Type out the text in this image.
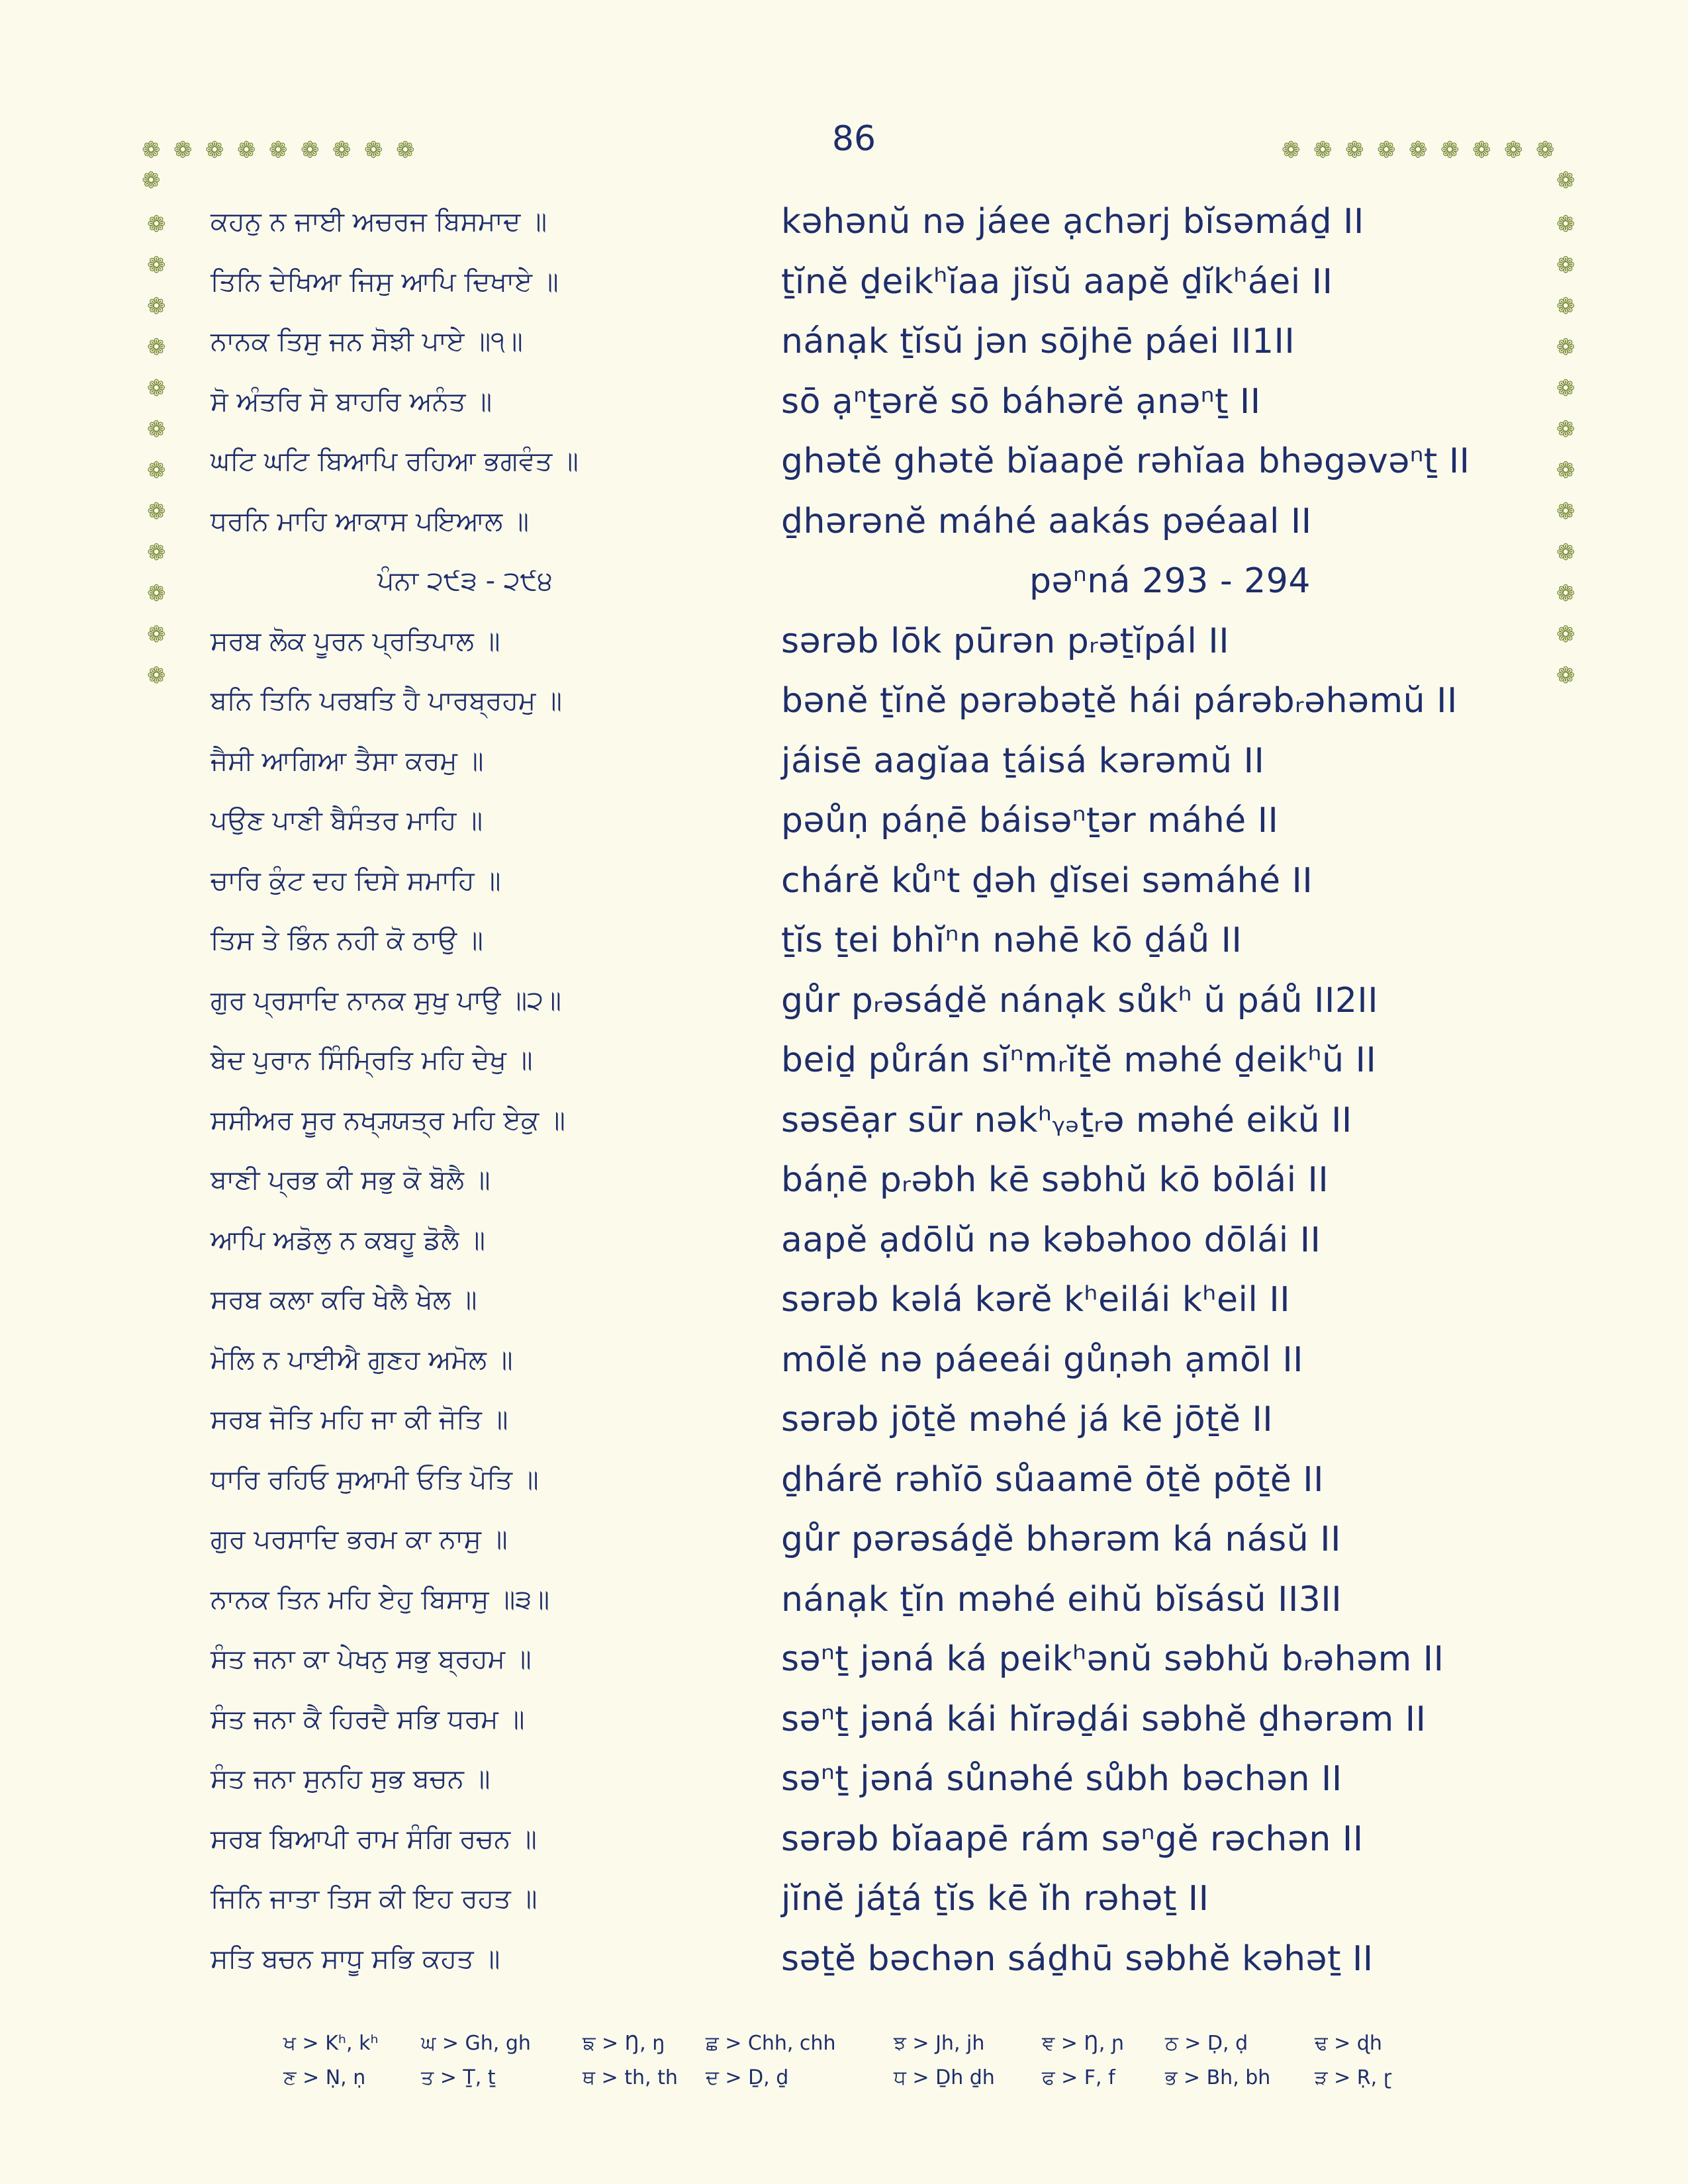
86
❁ ❁ ❁ ❁ ❁ ❁ ❁ ❁ ❁	❁ ❁ ❁ ❁ ❁ ❁ ❁ ❁ ❁
❁	❁
❁
❁
❁
❁
❁
❁
❁
❁
❁
❁
❁
❁
❁
❁
❁
❁
❁
❁
❁
❁
❁
❁
❁
❁
ਕਹਨੁ ਨ ਜਾਈ ਅਚਰਜ ਬਿਸਮਾਦ ॥	kəhənŭ nə jáee ạchərj bĭsəmáḏ II
ਤਿਨਿ ਦੇਖਿਆ ਜਿਸੁ ਆਪਿ ਦਿਖਾਏ ॥	ṯĭnĕ ḏeikʰĭaa jĭsŭ aapĕ ḏĭkʰáei II
ਨਾਨਕ ਤਿਸੁ ਜਨ ਸੋਝੀ ਪਾਏ ॥੧॥	nánạk ṯĭsŭ jən sōjhē páei II1II
ਸੋ ਅੰਤਰਿ ਸੋ ਬਾਹਰਿ ਅਨੰਤ ॥	sō ạⁿṯərĕ sō báhərĕ ạnəⁿṯ II
ਘਟਿ ਘਟਿ ਬਿਆਪਿ ਰਹਿਆ ਭਗਵੰਤ ॥	ghətĕ ghətĕ bĭaapĕ rəhĭaa bhəgəvəⁿṯ II
ਧਰਨਿ ਮਾਹਿ ਆਕਾਸ ਪਇਆਲ ॥	ḏhərənĕ máhé aakás pəéaal II
ਪੰਨਾ ੨੯੩ - ੨੯੪	pəⁿná 293 - 294
ਸਰਬ ਲੋਕ ਪੂਰਨ ਪ੍ਰਤਿਪਾਲ ॥	sərəb lōk pūrən pᵣəṯĭpál II
ਬਨਿ ਤਿਨਿ ਪਰਬਤਿ ਹੈ ਪਾਰਬ੍ਰਹਮੁ ॥	bənĕ ṯĭnĕ pərəbəṯĕ hái párəbᵣəhəmŭ II
ਜੈਸੀ ਆਗਿਆ ਤੈਸਾ ਕਰਮੁ ॥	jáisē aagĭaa ṯáisá kərəmŭ II
ਪਉਣ ਪਾਣੀ ਬੈਸੰਤਰ ਮਾਹਿ ॥	pəůṇ páṇē báisəⁿṯər máhé II
ਚਾਰਿ ਕੁੰਟ ਦਹ ਦਿਸੇ ਸਮਾਹਿ ॥	chárĕ kůⁿt ḏəh ḏĭsei səmáhé II
ਤਿਸ ਤੇ ਭਿੰਨ ਨਹੀ ਕੋ ਠਾਉ ॥	ṯĭs ṯei bhĭⁿn nəhē kō ḏáů II
ਗੁਰ ਪ੍ਰਸਾਦਿ ਨਾਨਕ ਸੁਖੁ ਪਾਉ ॥੨॥	gůr pᵣəsáḏĕ nánạk sůkʰ ŭ páů II2II
ਬੇਦ ਪੁਰਾਨ ਸਿੰਮ੍ਰਿਤਿ ਮਹਿ ਦੇਖੁ ॥	beiḏ půrán sĭⁿmᵣĭṯĕ məhé ḏeikʰŭ II
ਸਸੀਅਰ ਸੂਰ ਨਖ੍ਯ੍ਯਤ੍ਰ ਮਹਿ ਏਕੁ ॥	səsēạr sūr nəkʰᵧₔṯᵣə məhé eikŭ II
ਬਾਣੀ ਪ੍ਰਭ ਕੀ ਸਭੁ ਕੋ ਬੋਲੈ ॥	báṇē pᵣəbh kē səbhŭ kō bōlái II
ਆਪਿ ਅਡੋਲੁ ਨ ਕਬਹੂ ਡੋਲੈ ॥	aapĕ ạdōlŭ nə kəbəhoo dōlái II
ਸਰਬ ਕਲਾ ਕਰਿ ਖੇਲੈ ਖੇਲ ॥	sərəb kəlá kərĕ kʰeilái kʰeil II
ਮੋਲਿ ਨ ਪਾਈਐ ਗੁਣਹ ਅਮੋਲ ॥	mōlĕ nə páeeái gůṇəh ạmōl II
ਸਰਬ ਜੋਤਿ ਮਹਿ ਜਾ ਕੀ ਜੋਤਿ ॥	sərəb jōṯĕ məhé já kē jōṯĕ II
ਧਾਰਿ ਰਹਿਓ ਸੁਆਮੀ ਓਤਿ ਪੋਤਿ ॥	ḏhárĕ rəhĭō sůaamē ōṯĕ pōṯĕ II
ਗੁਰ ਪਰਸਾਦਿ ਭਰਮ ਕਾ ਨਾਸੁ ॥	gůr pərəsáḏĕ bhərəm ká násŭ II
ਨਾਨਕ ਤਿਨ ਮਹਿ ਏਹੁ ਬਿਸਾਸੁ ॥੩॥	nánạk ṯĭn məhé eihŭ bĭsásŭ II3II
ਸੰਤ ਜਨਾ ਕਾ ਪੇਖਨੁ ਸਭੁ ਬ੍ਰਹਮ ॥	səⁿṯ jəná ká peikʰənŭ səbhŭ bᵣəhəm II
ਸੰਤ ਜਨਾ ਕੈ ਹਿਰਦੈ ਸਭਿ ਧਰਮ ॥	səⁿṯ jəná kái hĭrəḏái səbhĕ ḏhərəm II
ਸੰਤ ਜਨਾ ਸੁਨਹਿ ਸੁਭ ਬਚਨ ॥	səⁿṯ jəná sůnəhé sůbh bəchən II
ਸਰਬ ਬਿਆਪੀ ਰਾਮ ਸੰਗਿ ਰਚਨ ॥	sərəb bĭaapē rám səⁿgĕ rəchən II
ਜਿਨਿ ਜਾਤਾ ਤਿਸ ਕੀ ਇਹ ਰਹਤ ॥	jĭnĕ jáṯá ṯĭs kē ĭh rəhəṯ II
ਸਤਿ ਬਚਨ ਸਾਧੂ ਸਭਿ ਕਹਤ ॥	səṯĕ bəchən sáḏhū səbhĕ kəhəṯ II
ਖ > Kʰ, kʰ ਘ > Gh, gh	ਙ > Ŋ, ŋ ਛ > Chh, chh	ਝ > Jh, jh	ਞ > Ŋ, ɲ ਠ > Ḍ, ḍ	ਢ > ɖh
ਣ > Ṇ, ṇ	ਤ > Ṯ, ṯ	ਥ > th, th ਦ > Ḏ, ḏ	ਧ > Ḏh ḏh ਫ > F, f	ਭ > Bh, bh ੜ > Ṛ, ɽ
